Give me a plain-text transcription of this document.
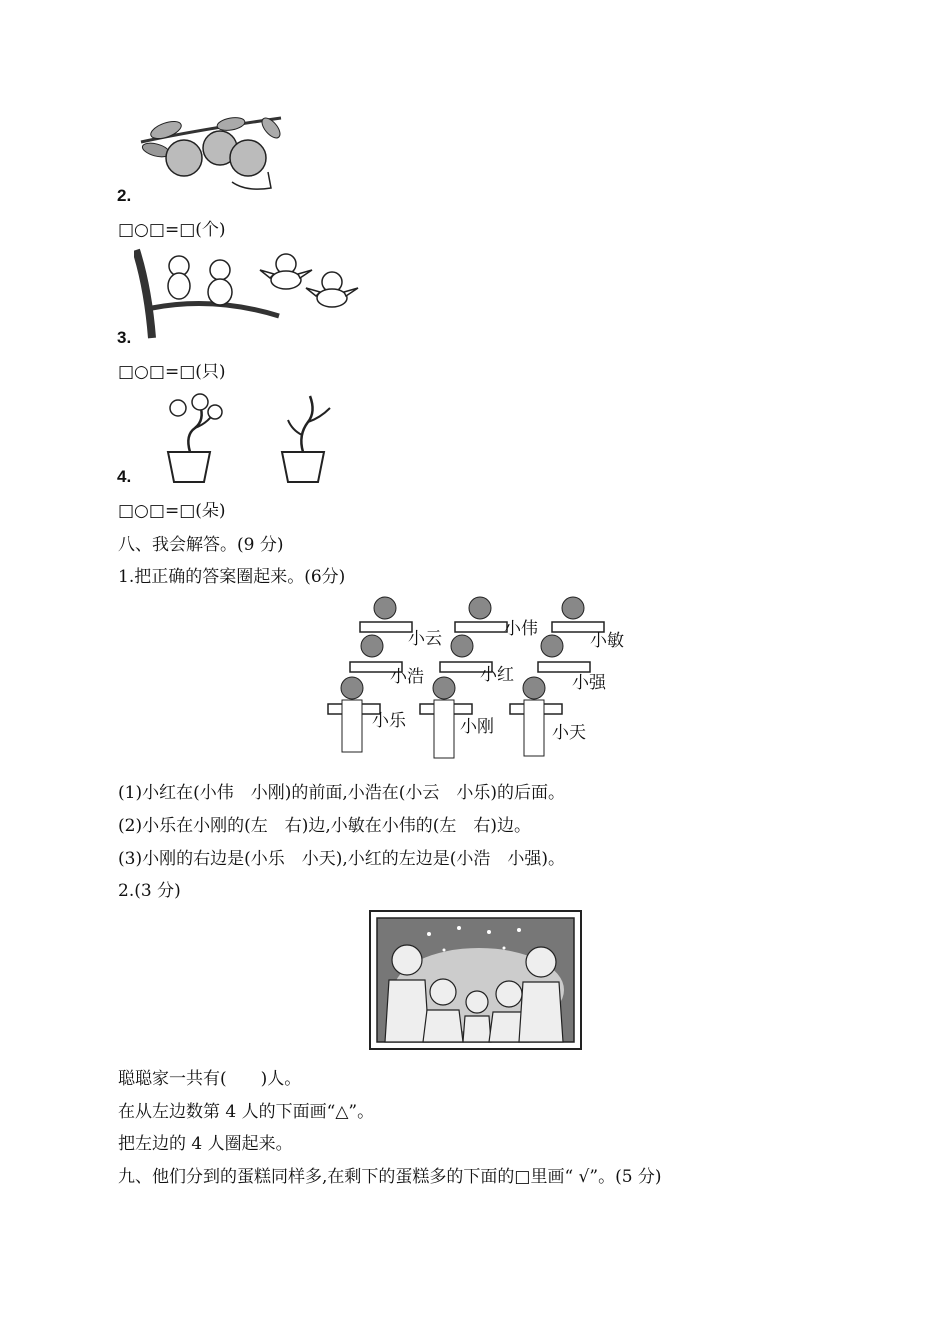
2.
□○□=□(个)
3.
□○□=□(只)
4.
□○□=□(朵)
八、我会解答。(9 分)
1.把正确的答案圈起来。(6分)
小云	小伟
小敏
小浩	小红	小强
小乐	小刚	小天
(1)小红在(小伟　小刚)的前面,小浩在(小云　小乐)的后面。
(2)小乐在小刚的(左　右)边,小敏在小伟的(左　右)边。
(3)小刚的右边是(小乐　小天),小红的左边是(小浩　小强)。
2.(3 分)
聪聪家一共有(　　)人。
在从左边数第 4 人的下面画“△”。
把左边的 4 人圈起来。
九、他们分到的蛋糕同样多,在剩下的蛋糕多的下面的□里画“ √”。(5 分)
